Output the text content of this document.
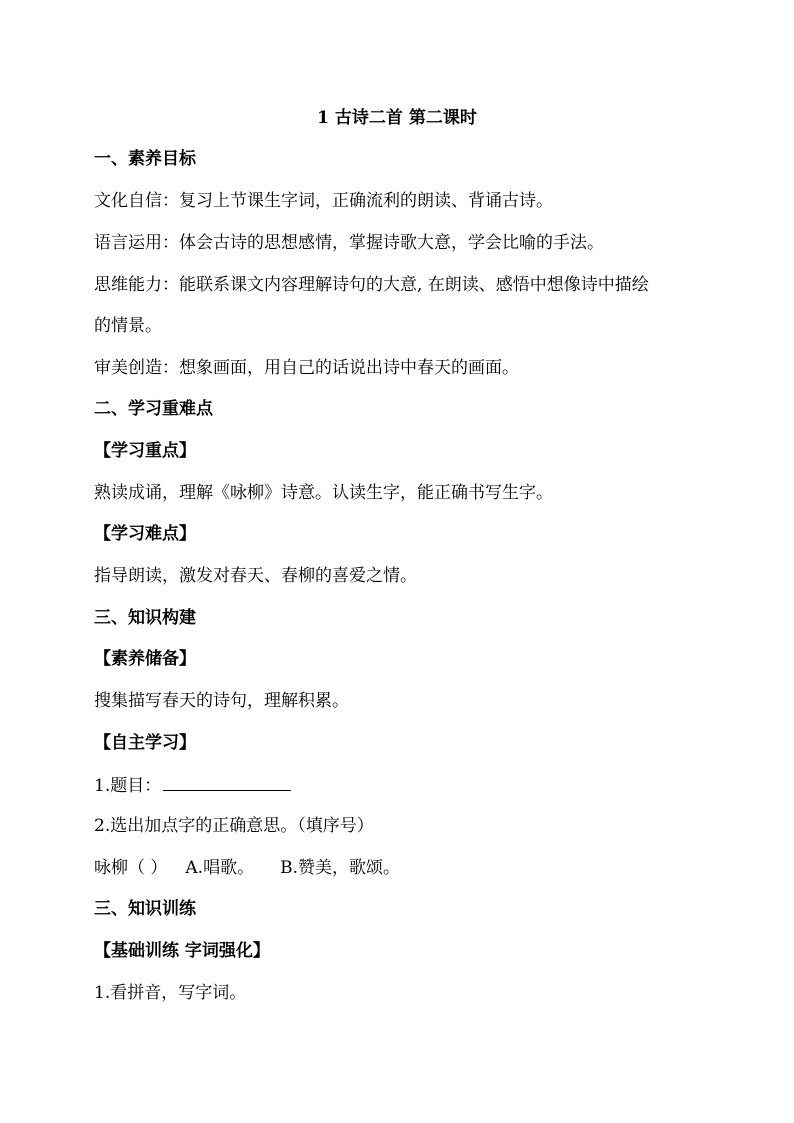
1 古诗二首 第二课时
一、素养目标
文化自信：复习上节课生字词，正确流利的朗读、背诵古诗。
语言运用：体会古诗的思想感情，掌握诗歌大意，学会比喻的手法。
思维能力：能联系课文内容理解诗句的大意, 在朗读、感悟中想像诗中描绘
的情景。
审美创造：想象画面，用自己的话说出诗中春天的画面。
二、学习重难点
【学习重点】
熟读成诵，理解《咏柳》诗意。认读生字，能正确书写生字。
【学习难点】
指导朗读，激发对春天、春柳的喜爱之情。
三、知识构建
【素养储备】
搜集描写春天的诗句，理解积累。
【自主学习】
1.题目：
2.选出加点字的正确意思。（填序号）
咏柳（ ） A.唱歌。 B.赞美，歌颂。
三、知识训练
【基础训练 字词强化】
1.看拼音，写字词。
